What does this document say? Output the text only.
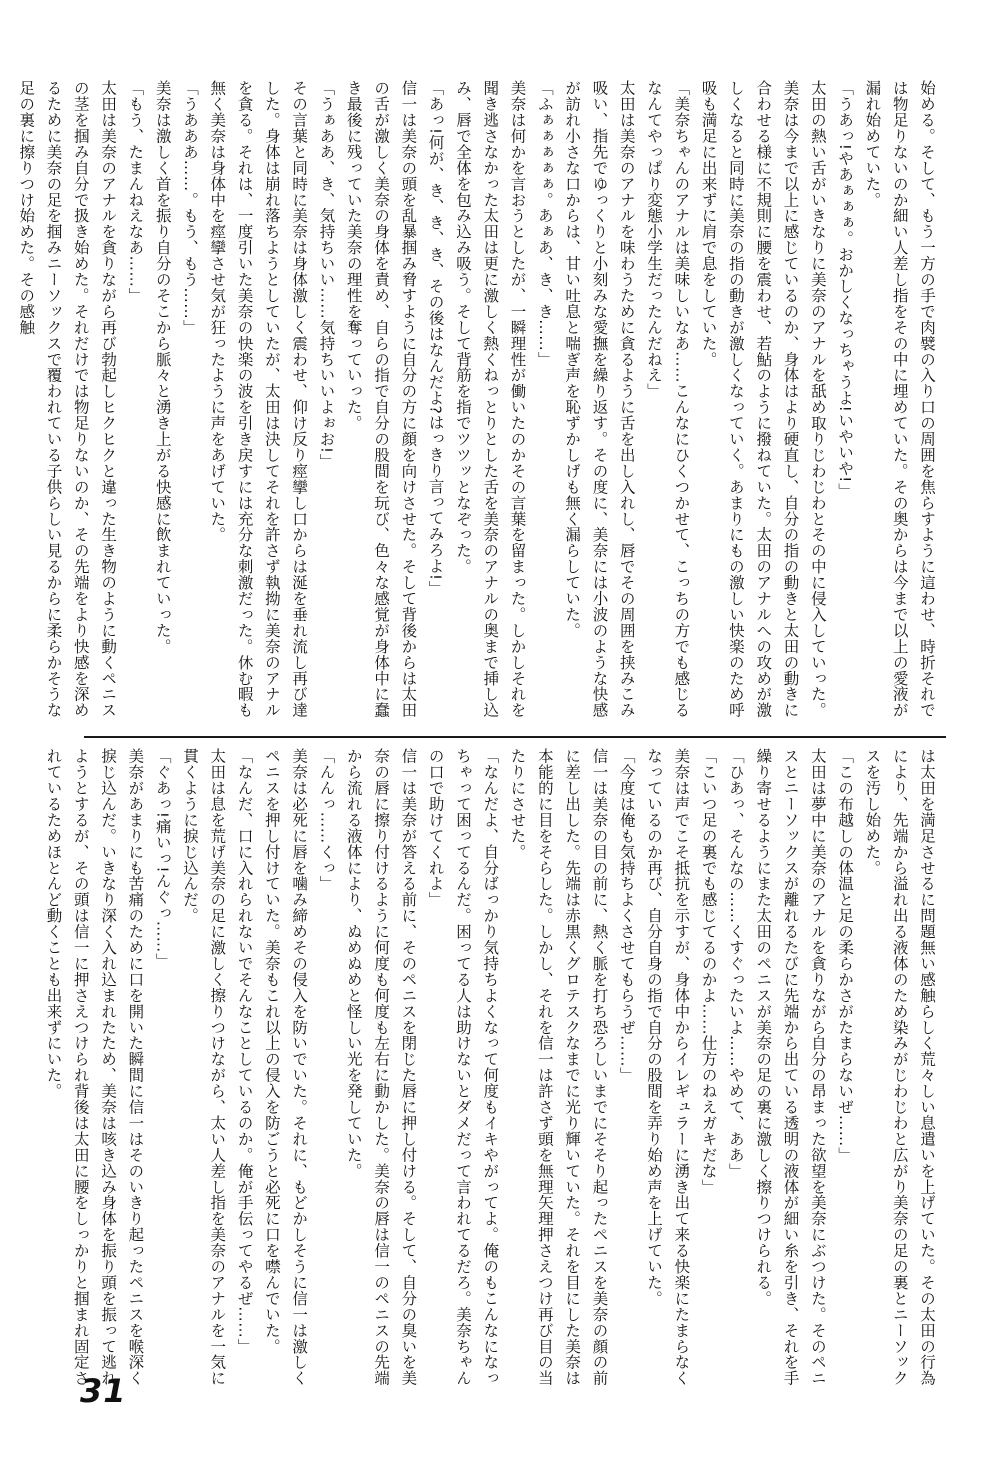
始める。そして、もう一方の手で肉襞の入り口の周囲を焦らすように這わせ、時折それでは物足りないのか細い人差し指をその中に埋めていた。その奥からは今まで以上の愛液が漏れ始めていた。
「うあっ!やあぁぁぁ。おかしくなっちゃうよ!いやいや!」
太田の熱い舌がいきなりに美奈のアナルを舐め取りじわじわとその中に侵入していった。美奈は今まで以上に感じているのか、身体はより硬直し、自分の指の動きと太田の動きに合わせる様に不規則に腰を震わせ、若鮎のように撥ねていた。太田のアナルへの攻めが激しくなると同時に美奈の指の動きが激しくなっていく。あまりにもの激しい快楽のため呼吸も満足に出来ずに肩で息をしていた。
「美奈ちゃんのアナルは美味しいなあ……こんなにひくつかせて、こっちの方でも感じるなんてやっぱり変態小学生だったんだねえ」
太田は美奈のアナルを味わうために貪るように舌を出し入れし、唇でその周囲を挟みこみ吸い、指先でゆっくりと小刻みな愛撫を繰り返す。その度に、美奈には小波のような快感が訪れ小さな口からは、甘い吐息と喘ぎ声を恥ずかしげも無く漏らしていた。
「ふぁぁぁぁぁ。あぁあ、き、き……」
美奈は何かを言おうとしたが、一瞬理性が働いたのかその言葉を留まった。しかしそれを聞き逃さなかった太田は更に激しく熱くねっとりとした舌を美奈のアナルの奥まで挿し込み、唇で全体を包み込み吸う。そして背筋を指でツツッとなぞった。
「あっ!何が、き、き、き、その後はなんだよ?はっきり言ってみろよ!」
信一は美奈の頭を乱暴掴み脅すように自分の方に顔を向けさせた。そして背後からは太田の舌が激しく美奈の身体を責め、自らの指で自分の股間を玩び、色々な感覚が身体中に蠢き最後に残っていた美奈の理性を奪っていった。
「うぁああ、き、気持ちいい……気持ちいいよぉお!」
その言葉と同時に美奈は身体激しく震わせ、仰け反り痙攣し口からは涎を垂れ流し再び達した。身体は崩れ落ちようとしていたが、太田は決してそれを許さず執拗に美奈のアナルを貪る。それは、一度引いた美奈の快楽の波を引き戻すには充分な刺激だった。休む暇も無く美奈は身体中を痙攣させ気が狂ったように声をあげていた。
「うあああ……。もう、もう……」
美奈は激しく首を振り自分のそこから脈々と湧き上がる快感に飲まれていった。
「もう、たまんねえなあ……」
太田は美奈のアナルを貪りながら再び勃起しヒクヒクと違った生き物のように動くペニスの茎を掴み自分で扱き始めた。それだけでは物足りないのか、その先端をより快感を深めるために美奈の足を掴みニーソックスで覆われている子供らしい見るからに柔らかそうな足の裏に擦りつけ始めた。その感触
は太田を満足させるに問題無い感触らしく荒々しい息遣いを上げていた。その太田の行為により、先端から溢れ出る液体のため染みがじわじわと広がり美奈の足の裏とニーソックスを汚し始めた。
「この布越しの体温と足の柔らかさがたまらないぜ……」
太田は夢中に美奈のアナルを貪りながら自分の昂まった欲望を美奈にぶつけた。そのペニスとニーソックスが離れるたびに先端から出ている透明の液体が細い糸を引き、それを手繰り寄せるようにまた太田のペニスが美奈の足の裏に激しく擦りつけられる。
「ひあっ、そんなの……くすぐったいよ……やめて、ああ」
「こいつ足の裏でも感じてるのかよ……仕方のねえガキだな」
美奈は声でこそ抵抗を示すが、身体中からイレギュラーに湧き出て来る快楽にたまらなくなっているのか再び、自分自身の指で自分の股間を弄り始め声を上げていた。
「今度は俺も気持ちよくさせてもらうぜ……」
信一は美奈の目の前に、熱く脈を打ち恐ろしいまでにそそり起ったペニスを美奈の顔の前に差し出した。先端は赤黒くグロテスクなまでに光り輝いていた。それを目にした美奈は本能的に目をそらした。しかし、それを信一は許さず頭を無理矢理押さえつけ再び目の当たりにさせた。
「なんだよ、自分ばっかり気持ちよくなって何度もイキやがってよ。俺のもこんなになっちゃって困ってるんだ。困ってる人は助けないとダメだって言われてるだろ。美奈ちゃんの口で助けてくれよ」
信一は美奈が答える前に、そのペニスを閉じた唇に押し付ける。そして、自分の臭いを美奈の唇に擦り付けるように何度も何度も左右に動かした。美奈の唇は信一のペニスの先端から流れる液体により、ぬめぬめと怪しい光を発していた。
「んんっ……くっ」
美奈は必死に唇を噛み締めその侵入を防いでいた。それに、もどかしそうに信一は激しくペニスを押し付けていた。美奈もこれ以上の侵入を防ごうと必死に口を噤んでいた。
「なんだ、口に入れられないでそんなことしているのか。俺が手伝ってやるぜ……」
太田は息を荒げ美奈の足に激しく擦りつけながら、太い人差し指を美奈のアナルを一気に貫くように捩じ込んだ。
「ぐあっ!痛いっ!んぐっ……」
美奈があまりにも苦痛のために口を開いた瞬間に信一はそのいきり起ったペニスを喉深く捩じ込んだ。いきなり深く入れ込まれたため、美奈は咳き込み身体を振り頭を振って逃れようとするが、その頭は信一に押さえつけられ背後は太田に腰をしっかりと掴まれ固定されているためほとんど動くことも出来ずにいた。
31
